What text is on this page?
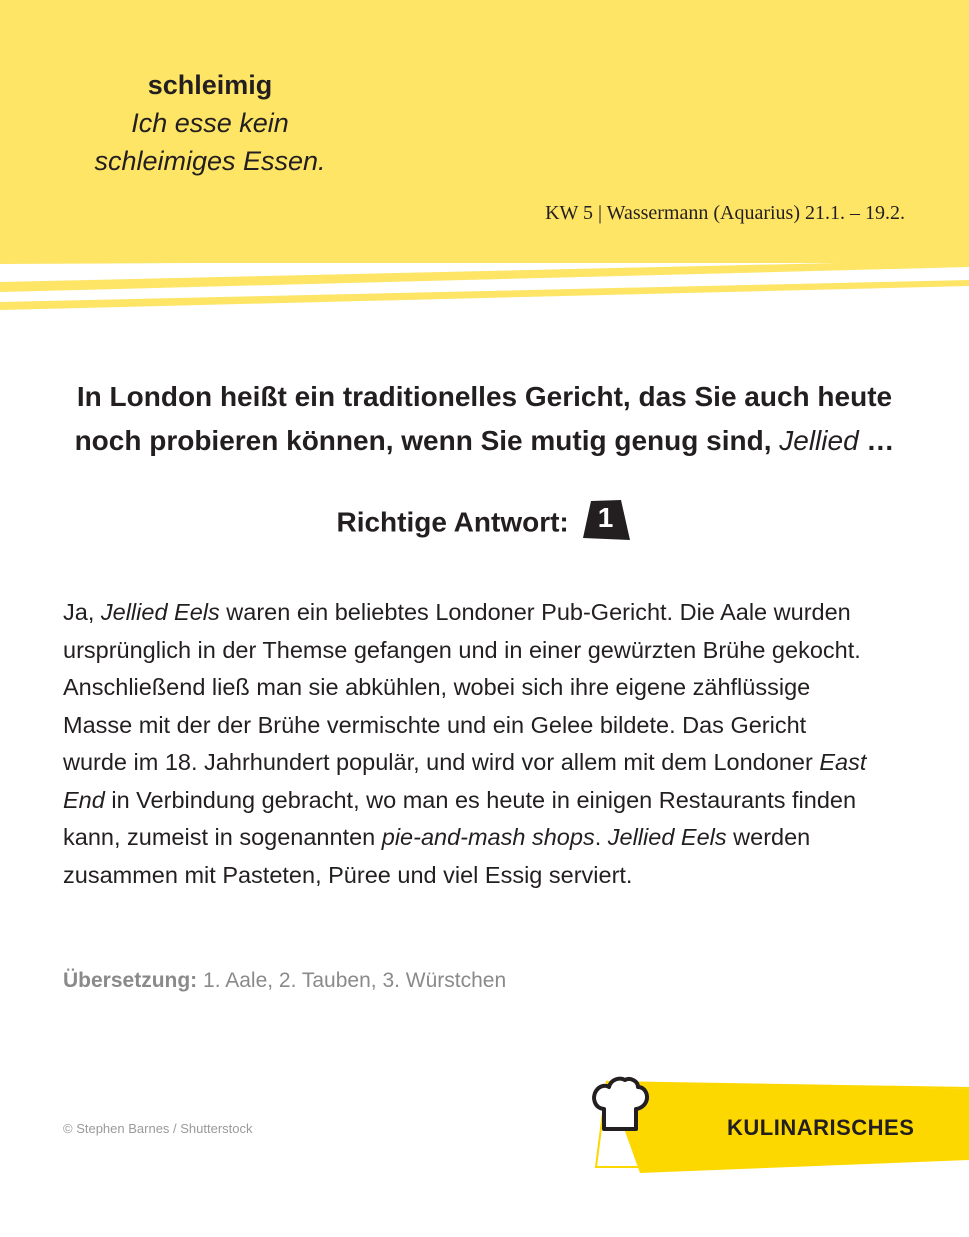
schleimig
Ich esse kein
schleimiges Essen.
KW 5 | Wassermann (Aquarius) 21.1. – 19.2.
In London heißt ein traditionelles Gericht, das Sie auch heute
noch probieren können, wenn Sie mutig genug sind, Jellied …
Richtige Antwort:	1
Ja, Jellied Eels waren ein beliebtes Londoner Pub-Gericht. Die Aale wurden ursprünglich in der Themse gefangen und in einer gewürzten Brühe gekocht. Anschließend ließ man sie abkühlen, wobei sich ihre eigene zähflüssige Masse mit der der Brühe vermischte und ein Gelee bildete. Das Gericht wurde im 18. Jahrhundert populär, und wird vor allem mit dem Londoner East End in Verbindung gebracht, wo man es heute in einigen Restaurants finden kann, zumeist in sogenannten pie-and-mash shops. Jellied Eels werden zusammen mit Pasteten, Püree und viel Essig serviert.
Übersetzung: 1. Aale, 2. Tauben, 3. Würstchen
© Stephen Barnes / Shutterstock	KULINARISCHES
